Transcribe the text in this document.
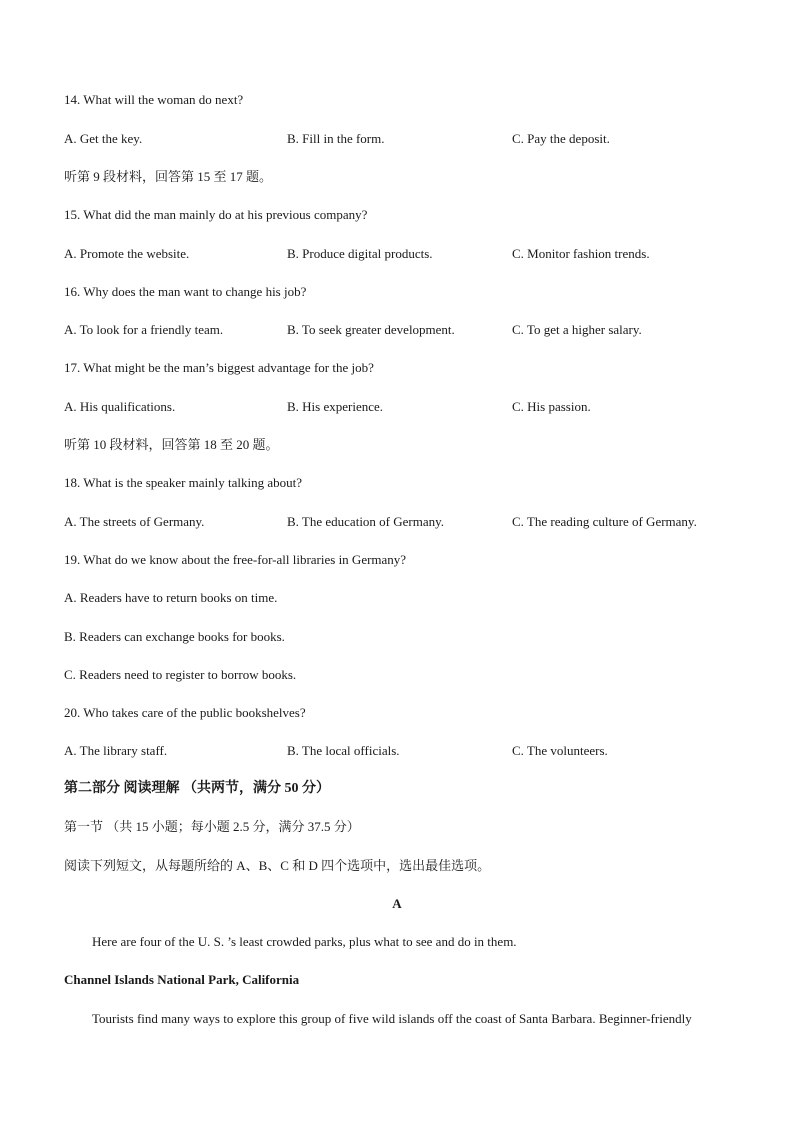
14. What will the woman do next?
A. Get the key.	B. Fill in the form.	C. Pay the deposit.
听第 9 段材料，回答第 15 至 17 题。
15. What did the man mainly do at his previous company?
A. Promote the website.	B. Produce digital products.	C. Monitor fashion trends.
16. Why does the man want to change his job?
A. To look for a friendly team.	B. To seek greater development.	C. To get a higher salary.
17. What might be the man’s biggest advantage for the job?
A. His qualifications.	B. His experience.	C. His passion.
听第 10 段材料，回答第 18 至 20 题。
18. What is the speaker mainly talking about?
A. The streets of Germany.	B. The education of Germany.	C. The reading culture of Germany.
19. What do we know about the free-for-all libraries in Germany?
A. Readers have to return books on time.
B. Readers can exchange books for books.
C. Readers need to register to borrow books.
20. Who takes care of the public bookshelves?
A. The library staff.	B. The local officials.	C. The volunteers.
第二部分 阅读理解 （共两节，满分 50 分）
第一节 （共 15 小题；每小题 2.5 分，满分 37.5 分）
阅读下列短文，从每题所给的 A、B、C 和 D 四个选项中，选出最佳选项。
A
Here are four of the U. S. ’s least crowded parks, plus what to see and do in them.
Channel Islands National Park, California
Tourists find many ways to explore this group of five wild islands off the coast of Santa Barbara. Beginner-friendly
